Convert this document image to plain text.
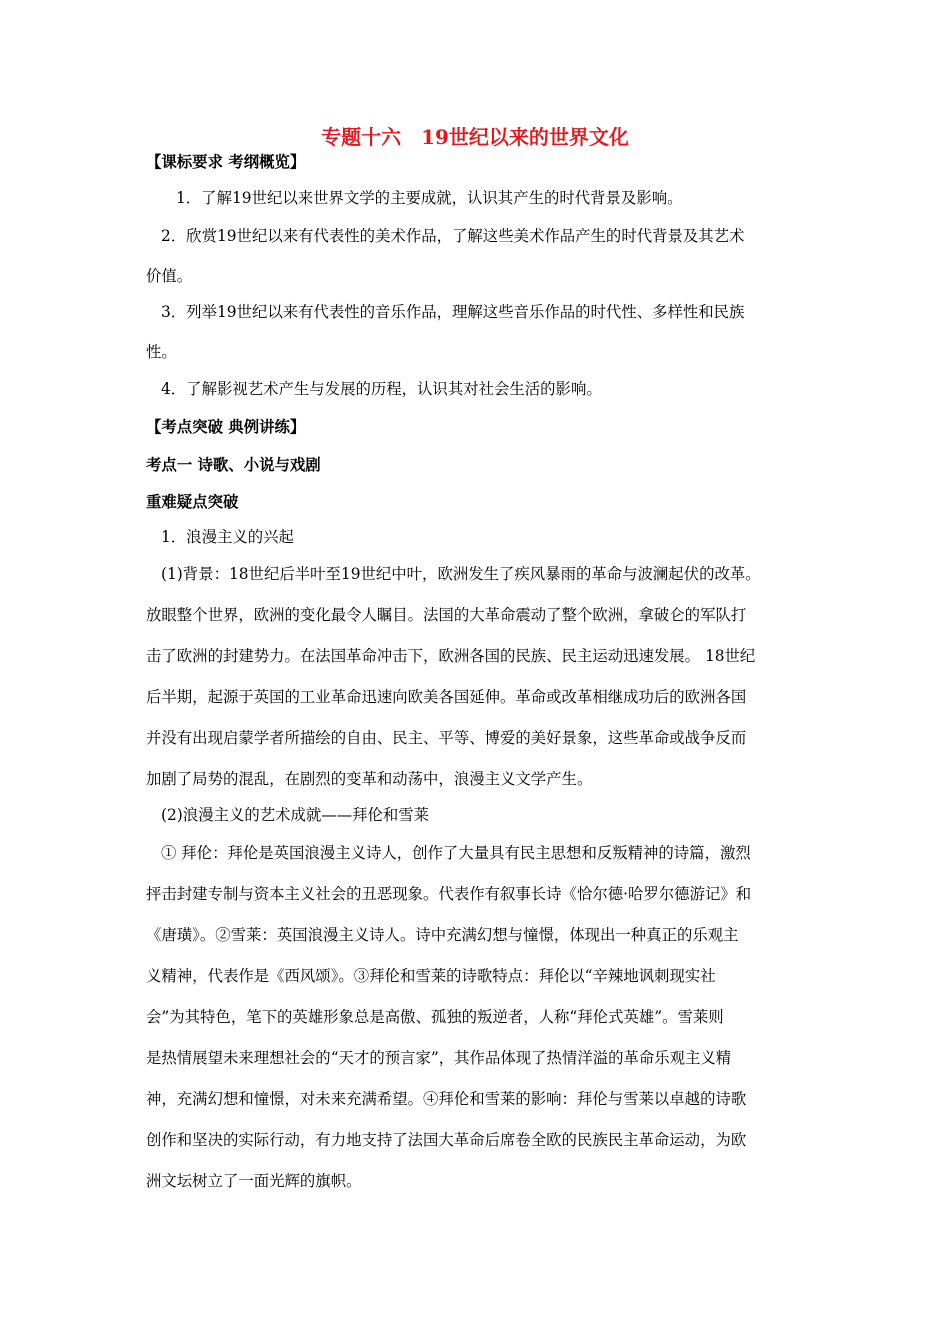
专题十六　19世纪以来的世界文化
【课标要求 考纲概览】
1．了解19世纪以来世界文学的主要成就，认识其产生的时代背景及影响。
2．欣赏19世纪以来有代表性的美术作品，了解这些美术作品产生的时代背景及其艺术
价值。
3．列举19世纪以来有代表性的音乐作品，理解这些音乐作品的时代性、多样性和民族
性。
4．了解影视艺术产生与发展的历程，认识其对社会生活的影响。
【考点突破 典例讲练】
考点一 诗歌、小说与戏剧
重难疑点突破
1．浪漫主义的兴起
(1)背景：18世纪后半叶至19世纪中叶，欧洲发生了疾风暴雨的革命与波澜起伏的改革。
放眼整个世界，欧洲的变化最令人瞩目。法国的大革命震动了整个欧洲，拿破仑的军队打
击了欧洲的封建势力。在法国革命冲击下，欧洲各国的民族、民主运动迅速发展。 18世纪
后半期，起源于英国的工业革命迅速向欧美各国延伸。革命或改革相继成功后的欧洲各国
并没有出现启蒙学者所描绘的自由、民主、平等、博爱的美好景象，这些革命或战争反而
加剧了局势的混乱，在剧烈的变革和动荡中，浪漫主义文学产生。
(2)浪漫主义的艺术成就——拜伦和雪莱
① 拜伦：拜伦是英国浪漫主义诗人，创作了大量具有民主思想和反叛精神的诗篇，激烈
抨击封建专制与资本主义社会的丑恶现象。代表作有叙事长诗《恰尔德·哈罗尔德游记》和
《唐璜》。②雪莱：英国浪漫主义诗人。诗中充满幻想与憧憬，体现出一种真正的乐观主
义精神，代表作是《西风颂》。③拜伦和雪莱的诗歌特点：拜伦以“辛辣地讽刺现实社
会”为其特色，笔下的英雄形象总是高傲、孤独的叛逆者，人称“拜伦式英雄”。雪莱则
是热情展望未来理想社会的“天才的预言家”，其作品体现了热情洋溢的革命乐观主义精
神，充满幻想和憧憬，对未来充满希望。④拜伦和雪莱的影响：拜伦与雪莱以卓越的诗歌
创作和坚决的实际行动，有力地支持了法国大革命后席卷全欧的民族民主革命运动，为欧
洲文坛树立了一面光辉的旗帜。
